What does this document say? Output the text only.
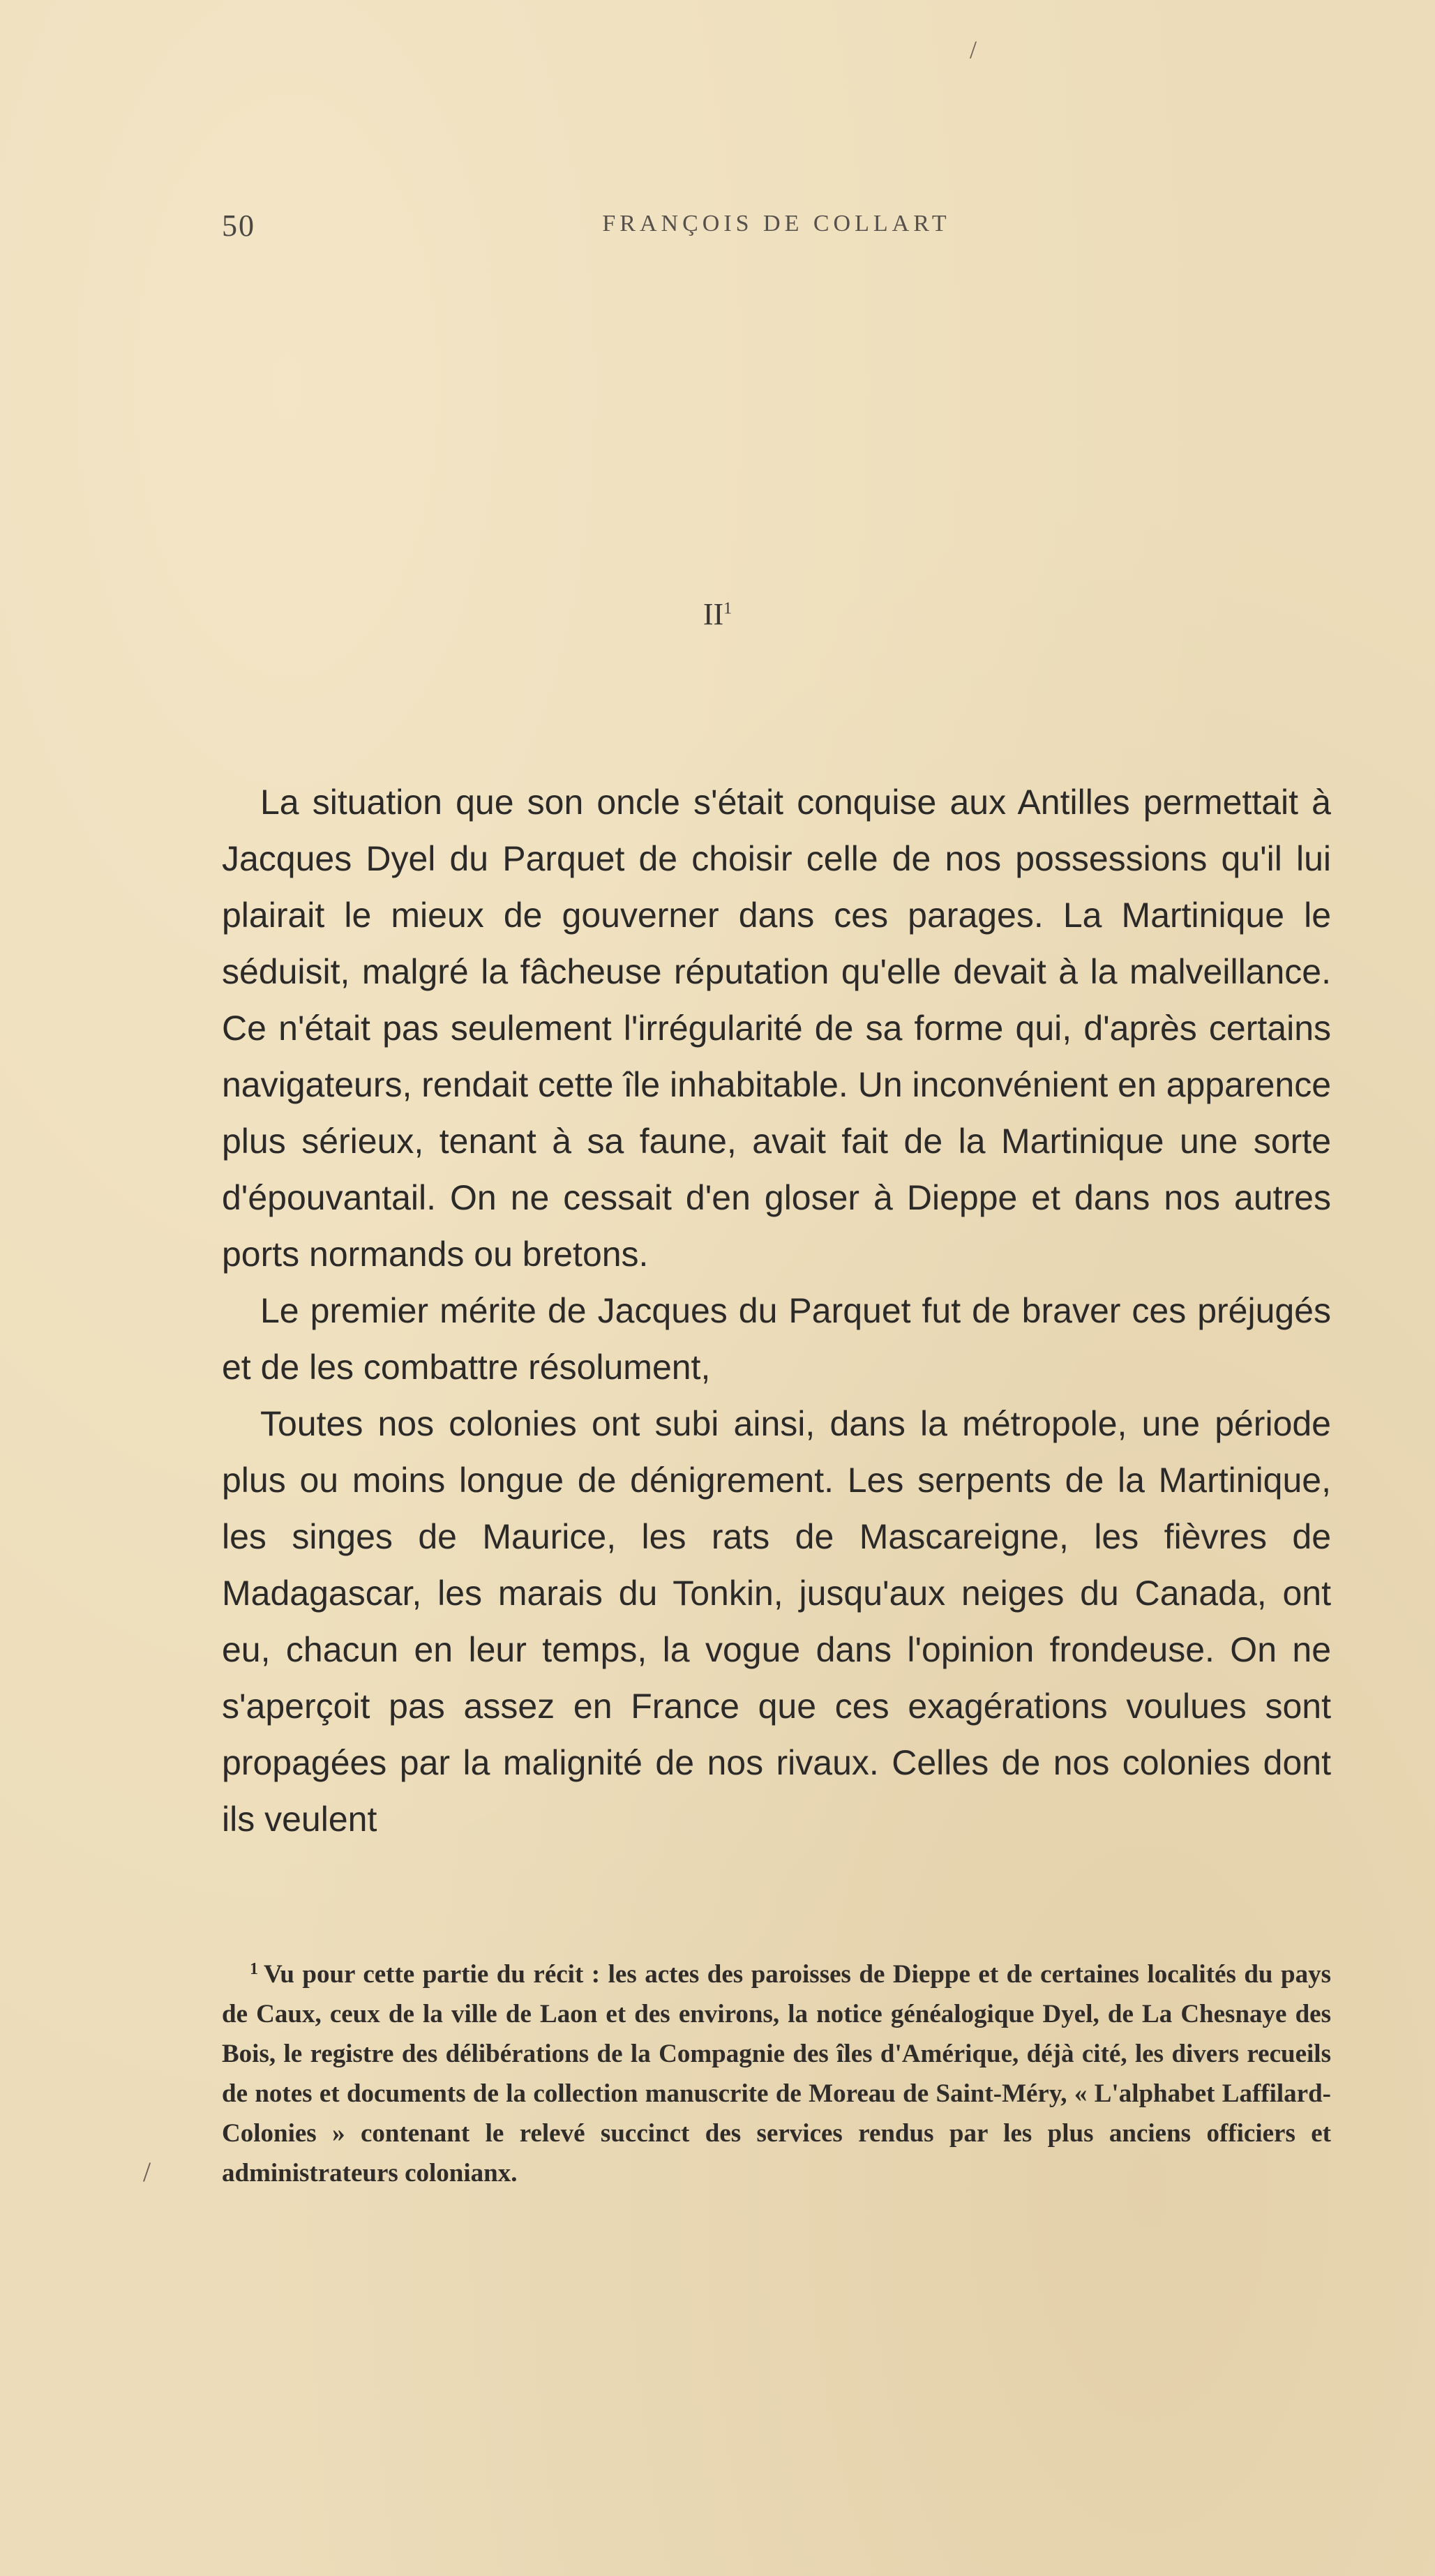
/
50	FRANÇOIS DE COLLART
$II^1$

La situation que son oncle s'était conquise aux Antilles permettait à Jacques Dyel du Parquet de choisir celle de nos possessions qu'il lui plairait le mieux de gouverner dans ces parages. La Martinique le séduisit, malgré la fâcheuse réputation qu'elle devait à la malveillance. Ce n'était pas seulement l'irrégularité de sa forme qui, d'après certains navigateurs, rendait cette île inhabitable. Un inconvénient en apparence plus sérieux, tenant à sa faune, avait fait de la Martinique une sorte d'épouvantail. On ne cessait d'en gloser à Dieppe et dans nos autres ports normands ou bretons.

Le premier mérite de Jacques du Parquet fut de braver ces préjugés et de les combattre résolument,

Toutes nos colonies ont subi ainsi, dans la métropole, une période plus ou moins longue de dénigrement. Les serpents de la Martinique, les singes de Maurice, les rats de Mascareigne, les fièvres de Madagascar, les marais du Tonkin, jusqu'aux neiges du Canada, ont eu, chacun en leur temps, la vogue dans l'opinion frondeuse. On ne s'aperçoit pas assez en France que ces exagérations voulues sont propagées par la malignité de nos rivaux. Celles de nos colonies dont ils veulent

$^1$ Vu pour cette partie du récit : les actes des paroisses de Dieppe et de certaines localités du pays de Caux, ceux de la ville de Laon et des environs, la notice généalogique Dyel, de La Chesnaye des Bois, le registre des délibérations de la Compagnie des îles d'Amérique, déjà cité, les divers recueils de notes et documents de la collection manuscrite de Moreau de Saint-Méry, « L'alphabet Laffilard-Colonies » contenant le relevé succinct des services rendus par les plus anciens officiers et administrateurs colonianx.
/
